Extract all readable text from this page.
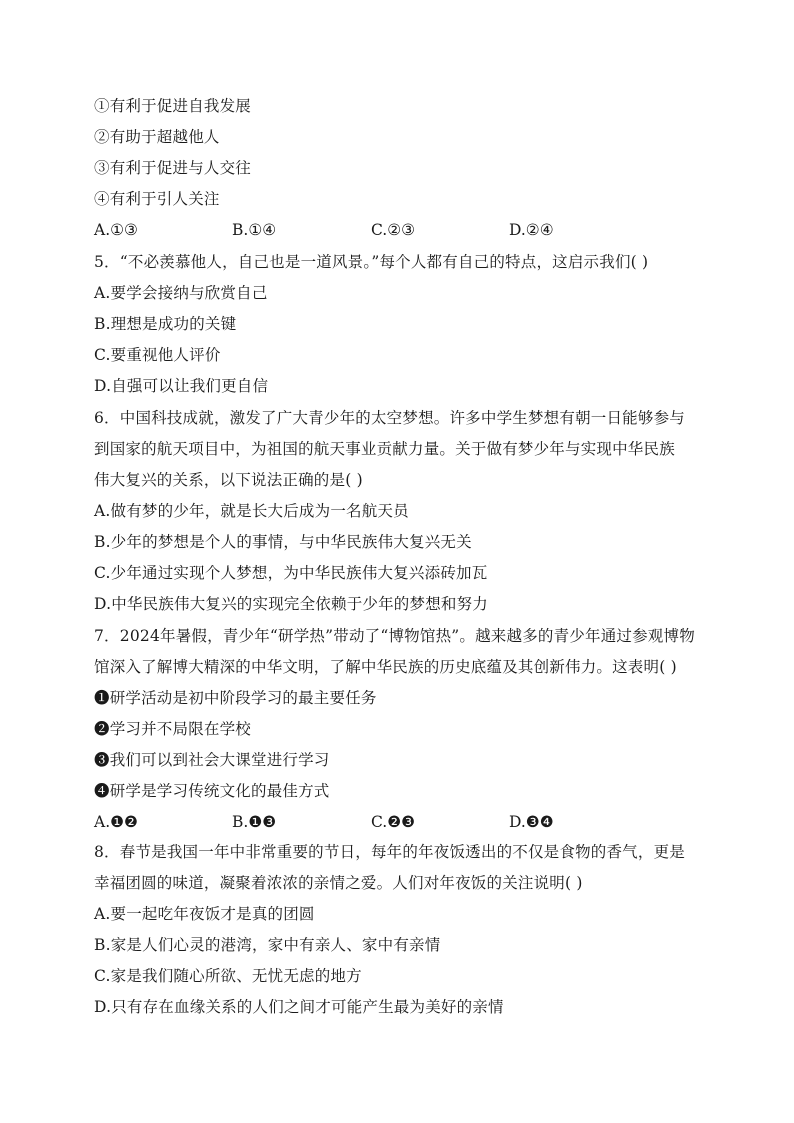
①有利于促进自我发展
②有助于超越他人
③有利于促进与人交往
④有利于引人关注
A.①③	B.①④	C.②③	D.②④
5．“不必羡慕他人，自己也是一道风景。”每个人都有自己的特点，这启示我们( )
A.要学会接纳与欣赏自己
B.理想是成功的关键
C.要重视他人评价
D.自强可以让我们更自信
6．中国科技成就，激发了广大青少年的太空梦想。许多中学生梦想有朝一日能够参与
到国家的航天项目中，为祖国的航天事业贡献力量。关于做有梦少年与实现中华民族
伟大复兴的关系，以下说法正确的是( )
A.做有梦的少年，就是长大后成为一名航天员
B.少年的梦想是个人的事情，与中华民族伟大复兴无关
C.少年通过实现个人梦想，为中华民族伟大复兴添砖加瓦
D.中华民族伟大复兴的实现完全依赖于少年的梦想和努力
7．2024年暑假，青少年“研学热”带动了“博物馆热”。越来越多的青少年通过参观博物
馆深入了解博大精深的中华文明，了解中华民族的历史底蕴及其创新伟力。这表明( )
❶研学活动是初中阶段学习的最主要任务
❷学习并不局限在学校
❸我们可以到社会大课堂进行学习
❹研学是学习传统文化的最佳方式
A.❶❷	B.❶❸	C.❷❸	D.❸❹
8．春节是我国一年中非常重要的节日，每年的年夜饭透出的不仅是食物的香气，更是
幸福团圆的味道，凝聚着浓浓的亲情之爱。人们对年夜饭的关注说明( )
A.要一起吃年夜饭才是真的团圆
B.家是人们心灵的港湾，家中有亲人、家中有亲情
C.家是我们随心所欲、无忧无虑的地方
D.只有存在血缘关系的人们之间才可能产生最为美好的亲情
